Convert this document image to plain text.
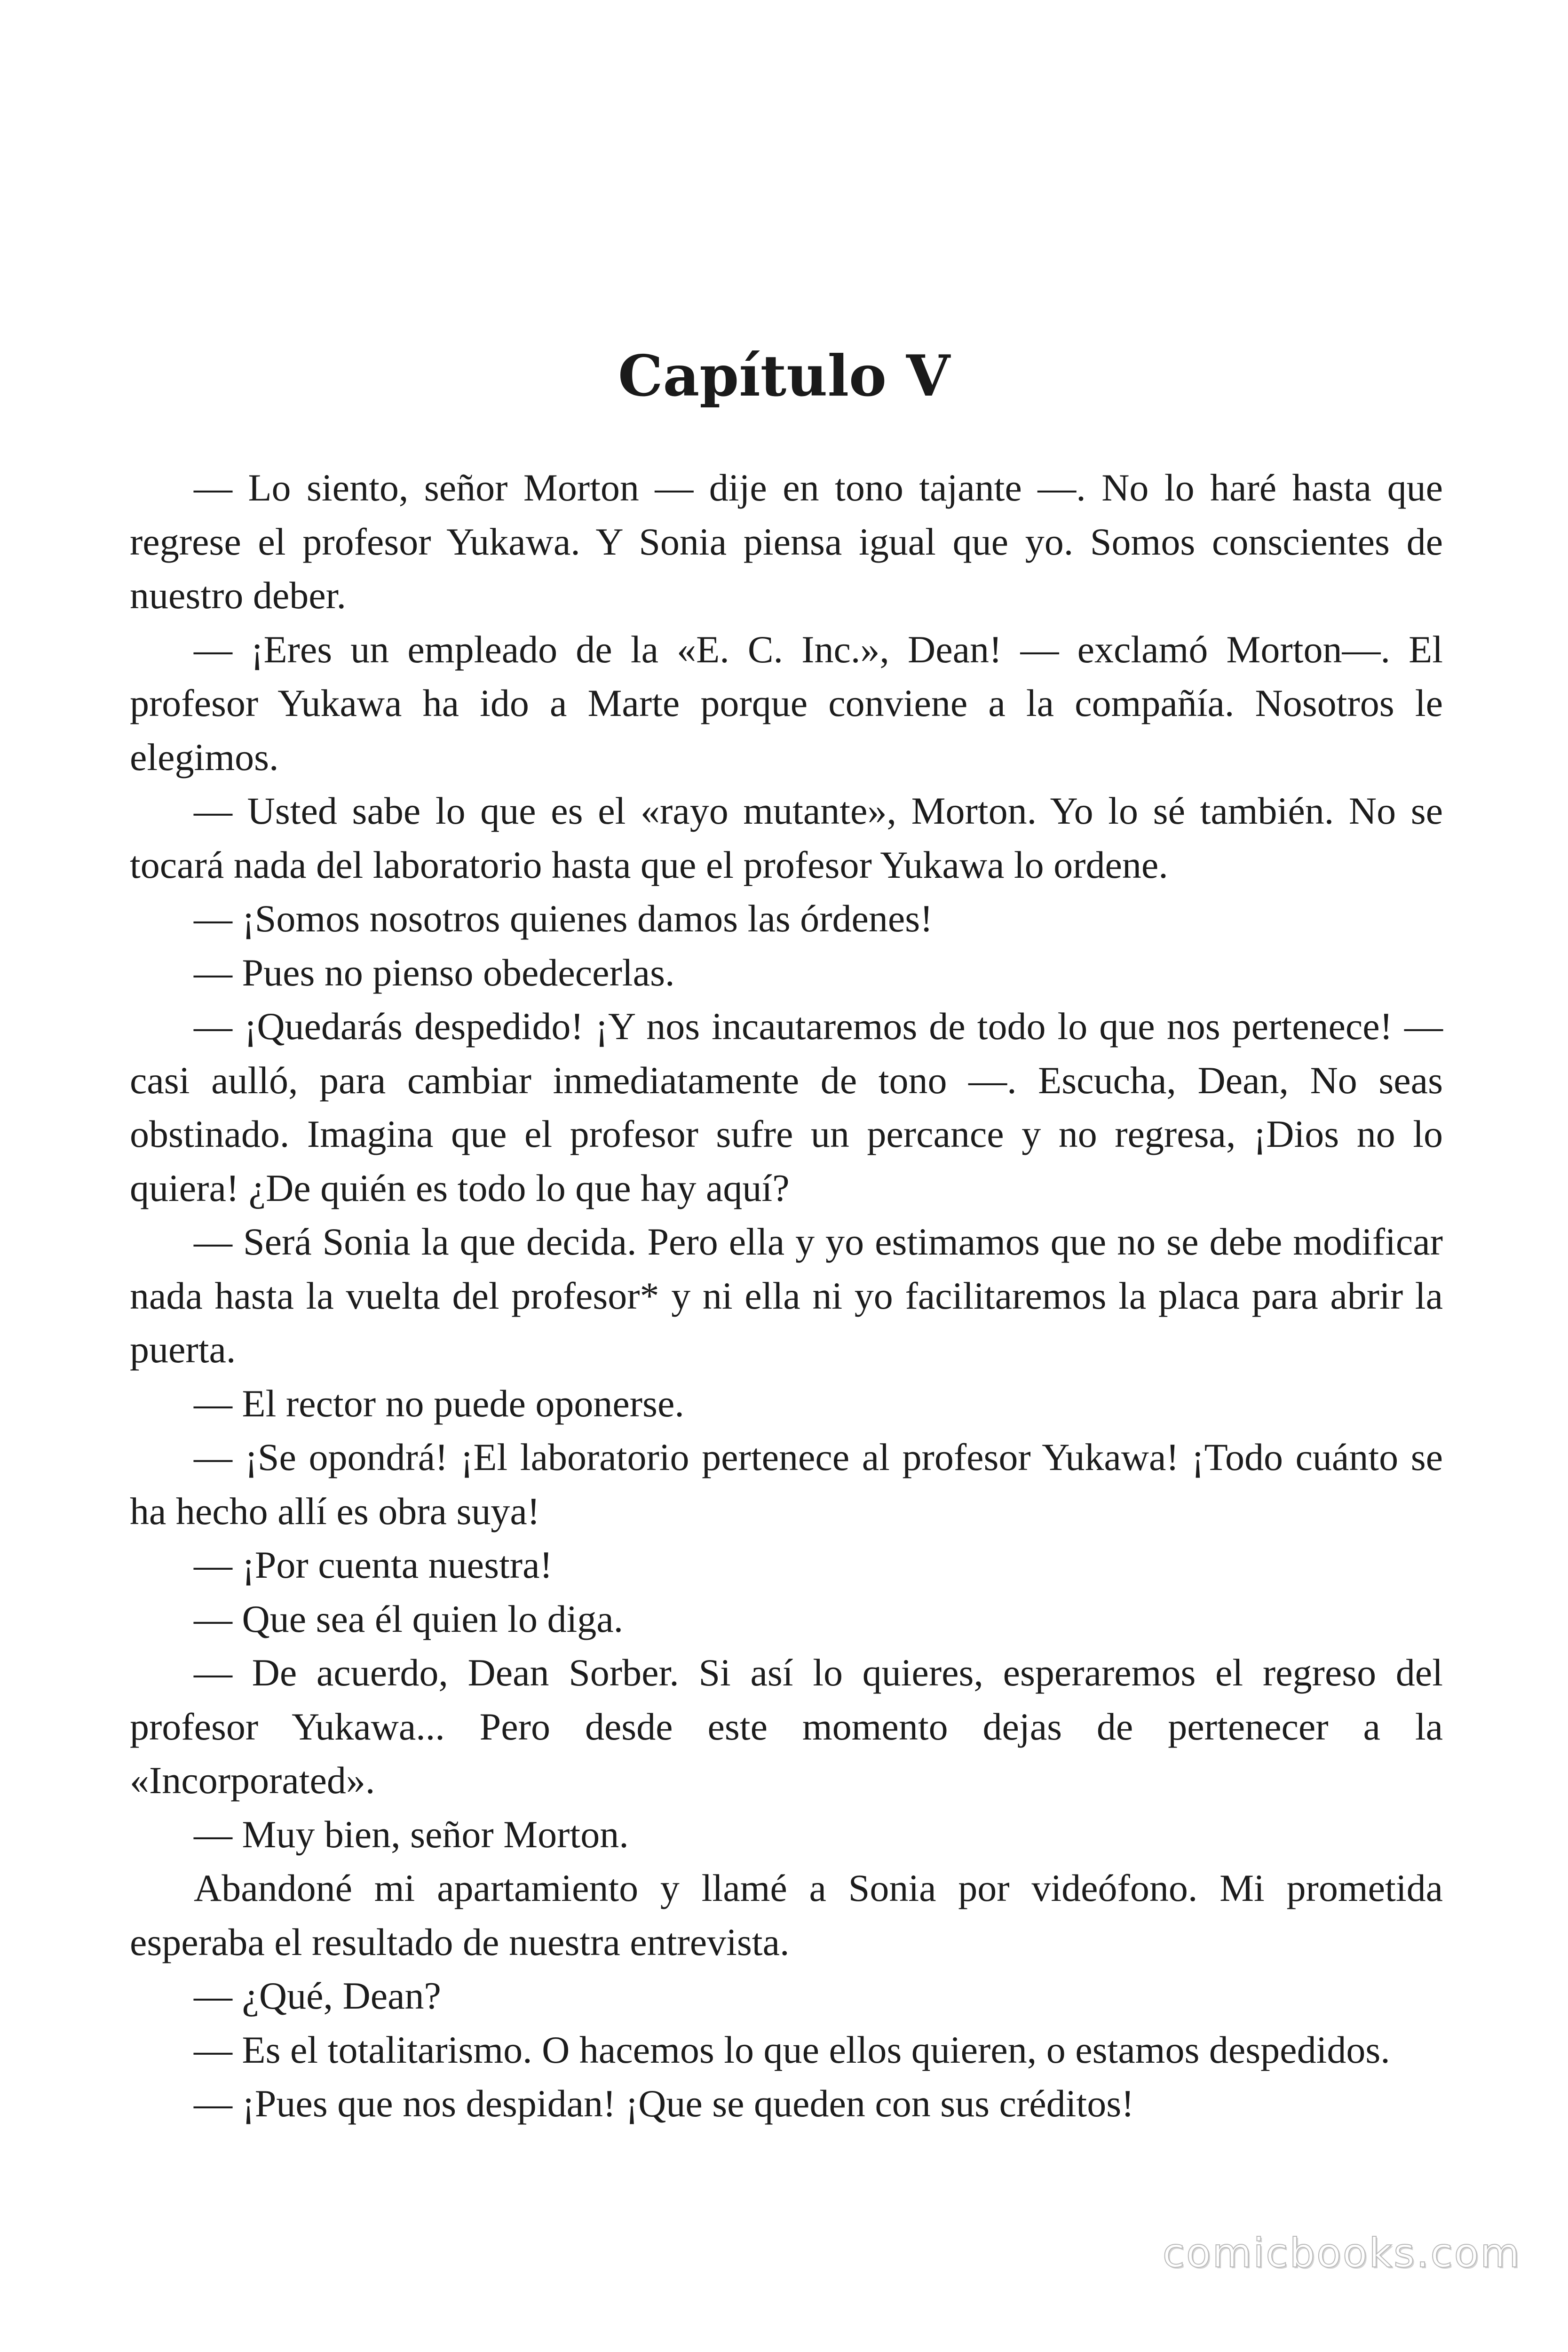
Capítulo V

— Lo siento, señor Morton — dije en tono tajante —. No lo haré hasta que regrese el profesor Yukawa. Y Sonia piensa igual que yo. Somos conscientes de nuestro deber.

— ¡Eres un empleado de la «E. C. Inc.», Dean! — exclamó Morton—. El profesor Yukawa ha ido a Marte porque conviene a la compañía. Nosotros le elegimos.

— Usted sabe lo que es el «rayo mutante», Morton. Yo lo sé también. No se tocará nada del laboratorio hasta que el profesor Yukawa lo ordene.

— ¡Somos nosotros quienes damos las órdenes!

— Pues no pienso obedecerlas.

— ¡Quedarás despedido! ¡Y nos incautaremos de todo lo que nos pertenece! —casi aulló, para cambiar inmediatamente de tono —. Escucha, Dean, No seas obstinado. Imagina que el profesor sufre un percance y no regresa, ¡Dios no lo quiera! ¿De quién es todo lo que hay aquí?

— Será Sonia la que decida. Pero ella y yo estimamos que no se debe modificar nada hasta la vuelta del profesor* y ni ella ni yo facilitaremos la placa para abrir la puerta.

— El rector no puede oponerse.

— ¡Se opondrá! ¡El laboratorio pertenece al profesor Yukawa! ¡Todo cuánto se ha hecho allí es obra suya!

— ¡Por cuenta nuestra!

— Que sea él quien lo diga.

— De acuerdo, Dean Sorber. Si así lo quieres, esperaremos el regreso del profesor Yukawa... Pero desde este momento dejas de pertenecer a la «Incorporated».

— Muy bien, señor Morton.

Abandoné mi apartamiento y llamé a Sonia por videófono. Mi prometida esperaba el resultado de nuestra entrevista.

— ¿Qué, Dean?

— Es el totalitarismo. O hacemos lo que ellos quieren, o estamos despedidos.

— ¡Pues que nos despidan! ¡Que se queden con sus créditos!

comicbooks.com
